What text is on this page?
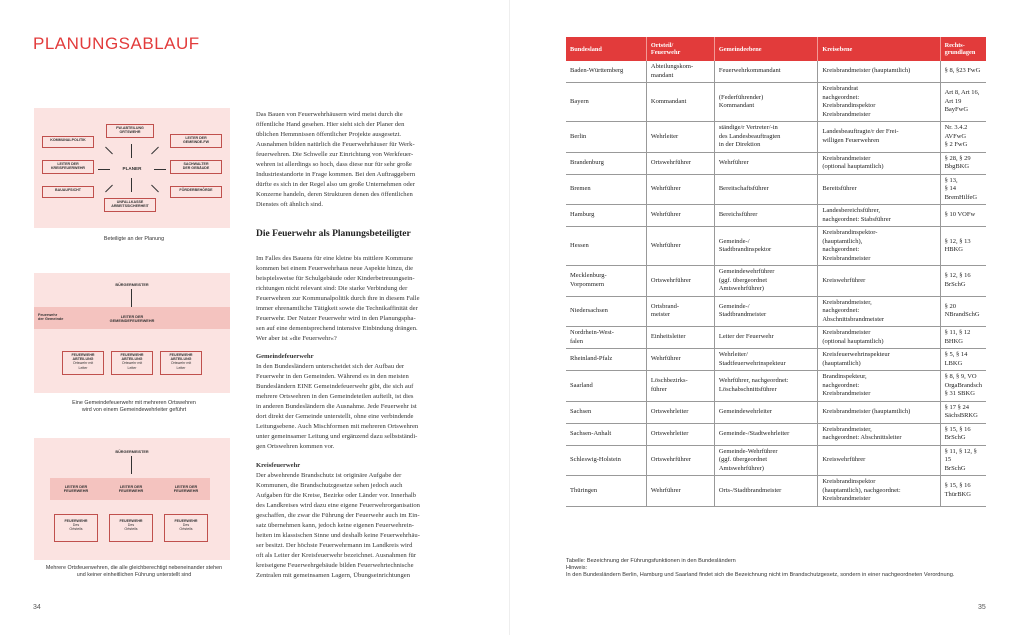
PLANUNGSABLAUF
FW-ABTEILUNG
ORTSWEHR
KOMMUNALPOLITIK
LEITER DER
KREISFEUERWEHR
BAUAUFSICHT
LEITER DER
GEMEINDE-FW
SACHWALTER
DER GEBÄUDE
FÖRDERBEHÖRDE
UNFALLKASSE
ARBEITSSICHERHEIT
PLANER
Beteiligte an der Planung
BÜRGERMEISTER
Feuerwehr
der Gemeinde	LEITER DER
GEMEINDEFEUERWEHR
FEUERWEHR
ABTEILUNG
Ortswehr mit
Leiter
FEUERWEHR
ABTEILUNG
Ortswehr mit
Leiter
FEUERWEHR
ABTEILUNG
Ortswehr mit
Leiter
Eine Gemeindefeuerwehr mit mehreren Ortswehren
wird von einem Gemeindewehrleiter geführt
BÜRGERMEISTER
LEITER DER
FEUERWEHR
LEITER DER
FEUERWEHR
LEITER DER
FEUERWEHR
FEUERWEHR
Des
Ortsteils
FEUERWEHR
Des
Ortsteils
FEUERWEHR
Des
Ortsteils
Mehrere Ortsfeuerwehren, die alle gleichberechtigt nebeneinander stehen
und keiner einheitlichen Führung unterstellt sind
Das Bauen von Feuerwehrhäusern wird meist durch die
öffentliche Hand gesehen. Hier sieht sich der Planer den
üblichen Hemmnissen öffentlicher Projekte ausgesetzt.
Ausnahmen bilden natürlich die Feuerwehrhäuser für Werk-
feuerwehren. Die Schwelle zur Einrichtung von Werkfeuer-
wehren ist allerdings so hoch, dass diese nur für sehr große
Industriestandorte in Frage kommen. Bei den Auftraggebern
dürfte es sich in der Regel also um große Unternehmen oder
Konzerne handeln, deren Strukturen denen des öffentlichen
Dienstes oft ähnlich sind.
Die Feuerwehr als Planungsbeteiligter
Im Falles des Bauens für eine kleine bis mittlere Kommune
kommen bei einem Feuerwehrhaus neue Aspekte hinzu, die
beispielsweise für Schulgebäude oder Kinderbetreuungsein-
richtungen nicht relevant sind: Die starke Verbindung der
Feuerwehren zur Kommunalpolitik durch ihre in diesem Falle
immer ehrenamtliche Tätigkeit sowie die Technikaffinität der
Feuerwehr. Der Nutzer Feuerwehr wird in den Planungspha-
sen auf eine dementsprechend intensive Einbindung drängen.
Wer aber ist »die Feuerwehr«?
Gemeindefeuerwehr
In den Bundesländern unterscheidet sich der Aufbau der
Feuerwehr in den Gemeinden. Während es in den meisten
Bundesländern EINE Gemeindefeuerwehr gibt, die sich auf
mehrere Ortswehren in den Gemeindeteilen aufteilt, ist dies
in anderen Bundesländern die Ausnahme. Jede Feuerwehr ist
dort direkt der Gemeinde unterstellt, ohne eine verbindende
Leitungsebene. Auch Mischformen mit mehreren Ortswehren
unter gemeinsamer Leitung und ergänzend dazu selbstständi-
gen Ortswehren kommen vor.
Kreisfeuerwehr
Der abwehrende Brandschutz ist originäre Aufgabe der
Kommunen, die Brandschutzgesetze sehen jedoch auch
Aufgaben für die Kreise, Bezirke oder Länder vor. Innerhalb
des Landkreises wird dazu eine eigene Feuerwehrorganisation
geschaffen, die zwar die Führung der Feuerwehr auch im Ein-
satz übernehmen kann, jedoch keine eigenen Feuerwehrein-
heiten im klassischen Sinne und deshalb keine Feuerwehrhäu-
ser besitzt. Der höchste Feuerwehrmann im Landkreis wird
oft als Leiter der Kreisfeuerwehr bezeichnet. Ausnahmen für
kreiseigene Feuerwehrgebäude bilden Feuerwehrtechnische
Zentralen mit gemeinsamen Lagern, Übungseinrichtungen
34	35
Bundesland	Ortsteil/
Feuerwehr	Gemeindeebene	Kreisebene	Rechts-
grundlagen
Baden-Württemberg	Abteilungskom-
mandant	Feuerwehrkommandant	Kreisbrandmeister (hauptamtlich)	§ 8, §23 FwG
Bayern	Kommandant	(Federführender)
Kommandant	Kreisbrandrat
nachgeordnet:
Kreisbrandinspektor
Kreisbrandmeister	Art 8, Art 16,
Art 19 BayFwG
Berlin	Wehrleiter	ständige/r Vertreter/-in
des Landesbeauftragten
in der Direktion	Landesbeauftragte/r der Frei-
willigen Feuerwehren	Nr. 3.4.2 AVFwG
§ 2 FwG
Brandenburg	Ortswehrführer	Wehrführer	Kreisbrandmeister
(optional hauptamtlich)	§ 28, § 29 BbgBKG
Bremen	Wehrführer	Bereitschaftsführer	Bereitsführer	§ 13,
§ 14 BremHilfeG
Hamburg	Wehrführer	Bereichsführer	Landesbereichsführer,
nachgeordnet: Stabsführer	§ 10 VOFw
Hessen	Wehrführer	Gemeinde-/
Stadtbrandinspektor	Kreisbrandinspektor-
(hauptamtlich),
nachgeordnet:
Kreisbrandmeister	§ 12, § 13 HBKG
Mecklenburg-
Vorpommern	Ortswehrführer	Gemeindewehrführer
(ggf. übergeordnet
Amtswehrführer)	Kreiswehrführer	§ 12, § 16 BrSchG
Niedersachsen	Ortsbrand-
meister	Gemeinde-/
Stadtbrandmeister	Kreisbrandmeister,
nachgeordnet:
Abschnittsbrandmeister	§ 20 NBrandSchG
Nordrhein-West-
falen	Einheitsleiter	Leiter der Feuerwehr	Kreisbrandmeister
(optional hauptamtlich)	§ 11, § 12 BHKG
Rheinland-Pfalz	Wehrführer	Wehrleiter/
Stadtfeuerwehrinspekteur	Kreisfeuerwehrinspekteur
(hauptamtlich)	§ 5, § 14 LBKG
Saarland	Löschbezirks-
führer	Wehrführer, nachgeordnet:
Löschabschnittsführer	Brandinspekteur,
nachgeordnet:
Kreisbrandmeister	§ 8, § 9, VO
OrgaBrandsch
§ 31 SBKG
Sachsen	Ortswehrleiter	Gemeindewehrleiter	Kreisbrandmeister (hauptamtlich)	§ 17 § 24
SächsBRKG
Sachsen-Anhalt	Ortswehrleiter	Gemeinde-/Stadtwehrleiter	Kreisbrandmeister,
nachgeordnet: Abschnittsleiter	§ 15, § 16 BrSchG
Schleswig-Holstein	Ortswehrführer	Gemeinde-Wehrführer
(ggf. übergeordnet
Amtswehrführer)	Kreiswehrführer	§ 11, § 12, § 15
BrSchG
Thüringen	Wehrführer	Orts-/Stadtbrandmeister	Kreisbrandinspektor
(hauptamtlich), nachgeordnet:
Kreisbrandmeister	§ 15, § 16 ThürBKG
Tabelle: Bezeichnung der Führungsfunktionen in den Bundesländern
Hinweis:
In den Bundesländern Berlin, Hamburg und Saarland findet sich die Bezeichnung nicht im Brandschutzgesetz, sondern in einer nachgeordneten Verordnung.
